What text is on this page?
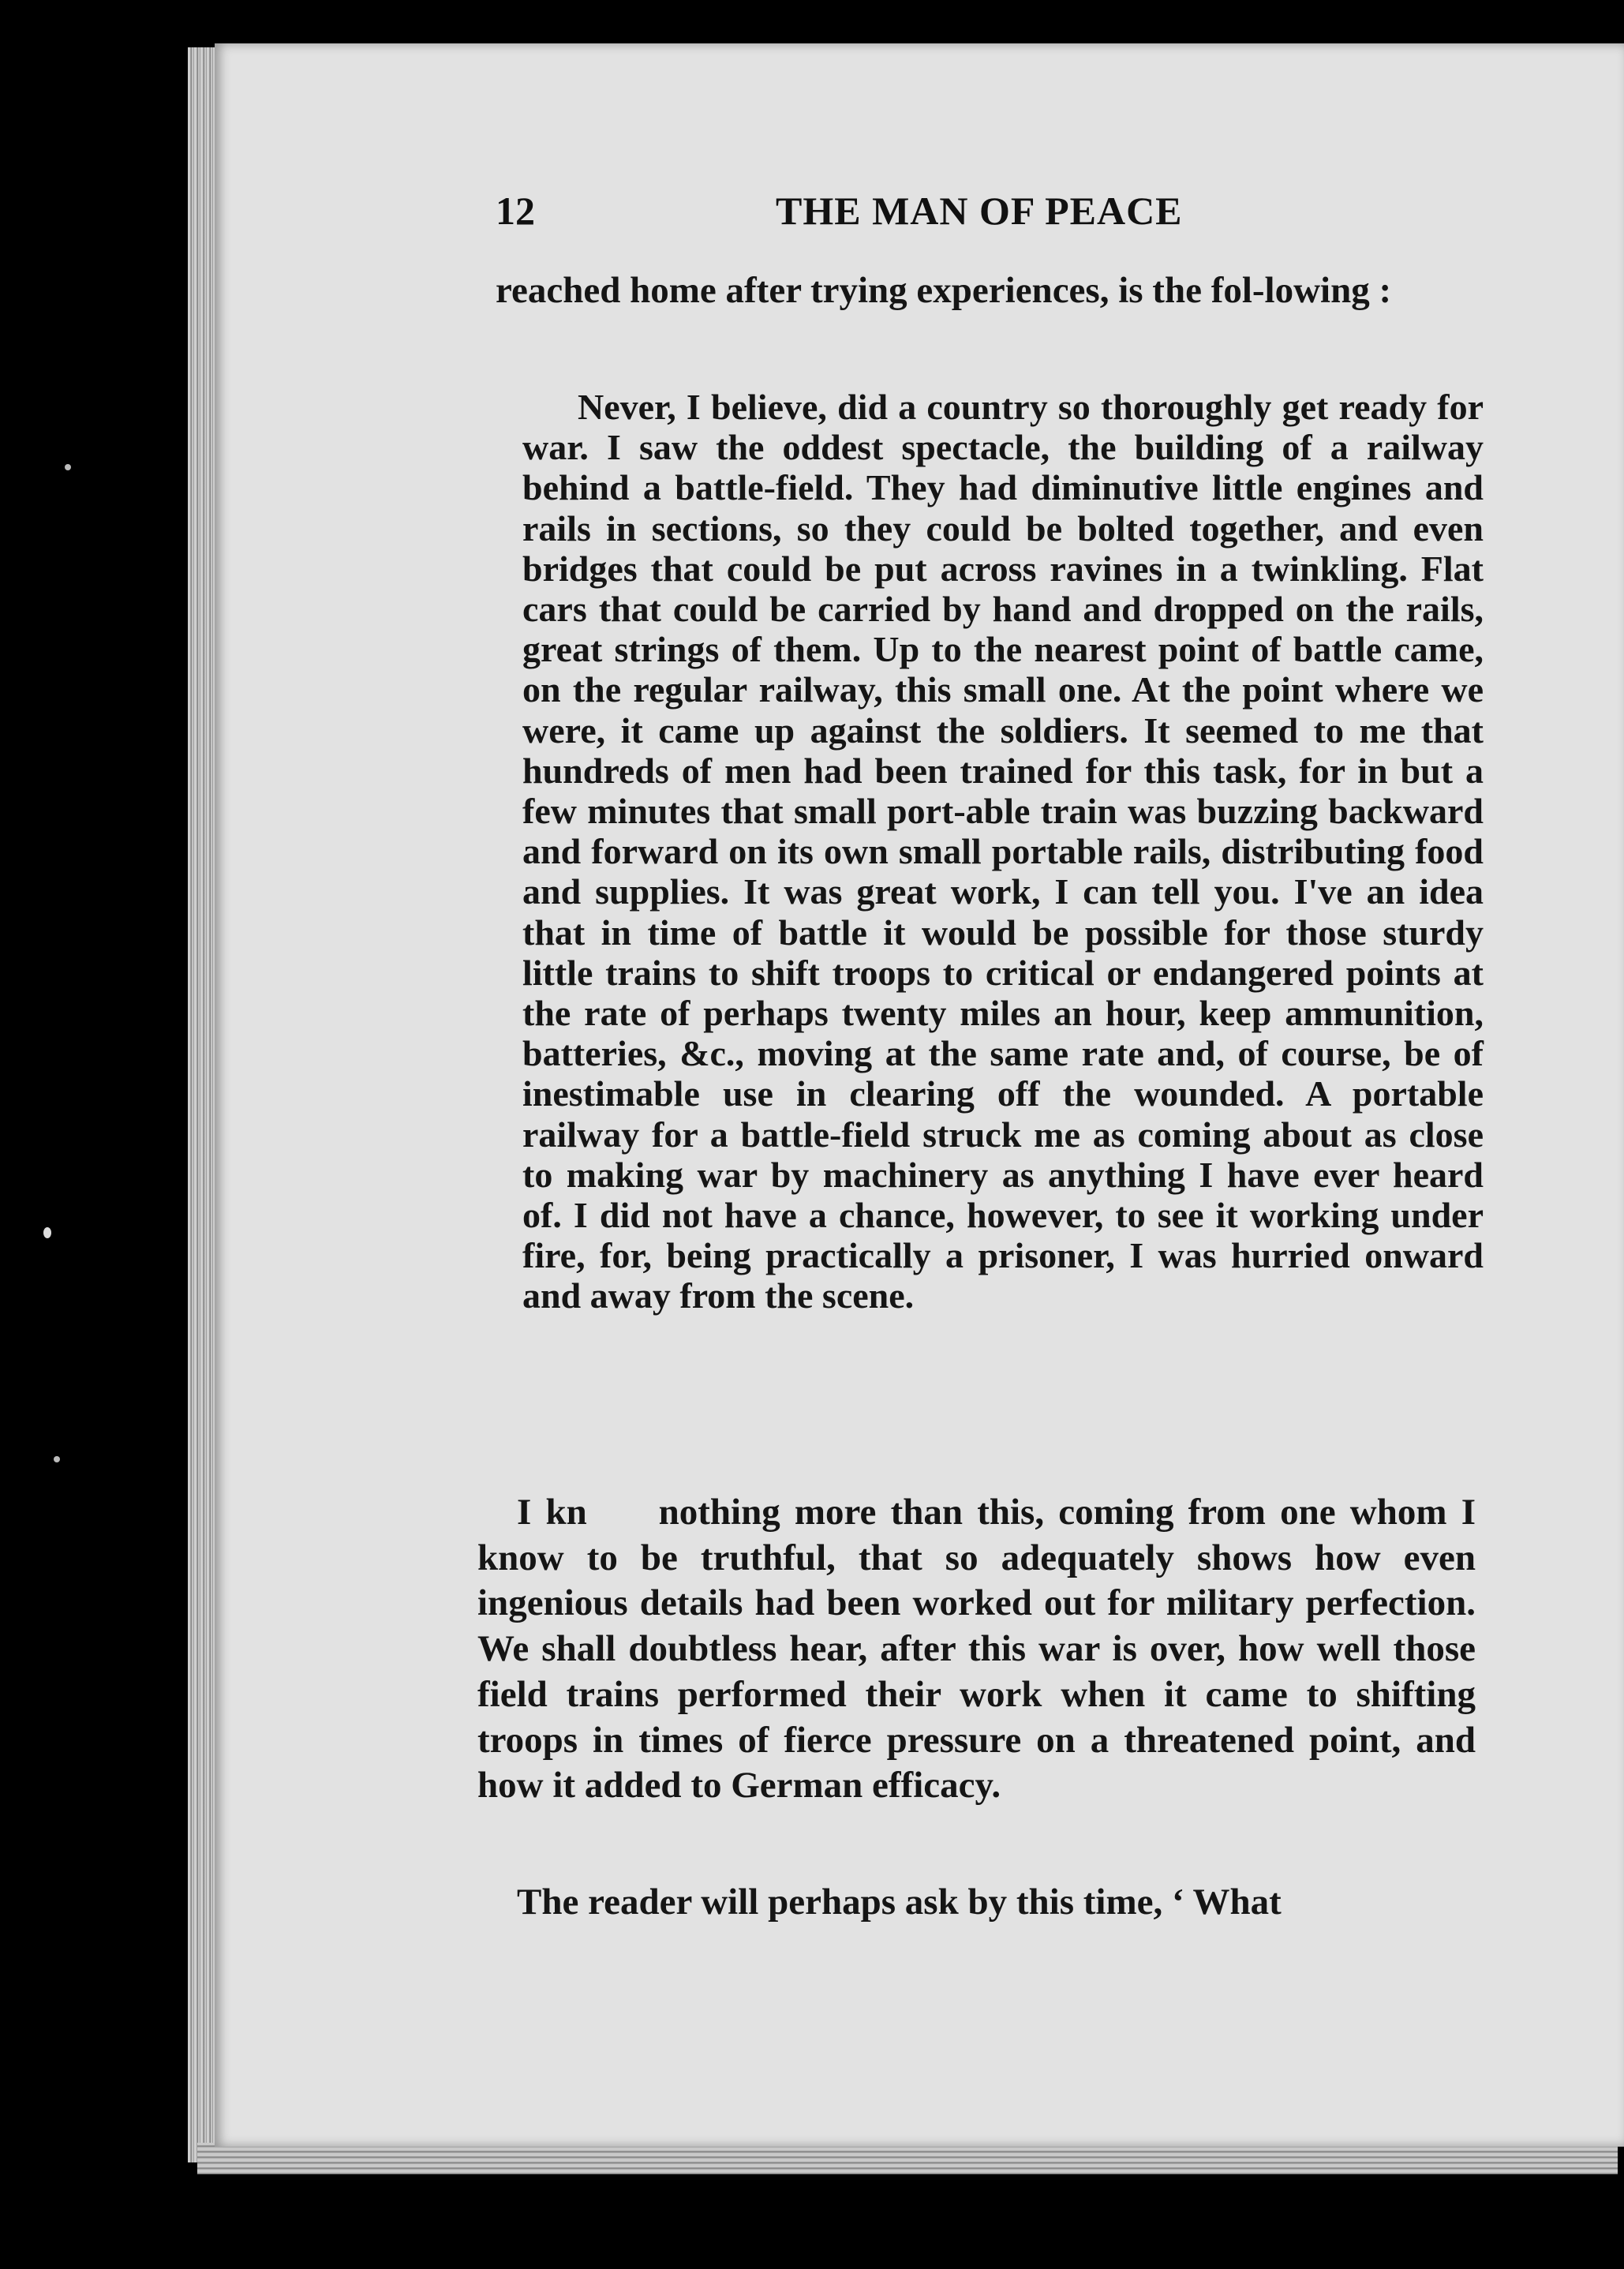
12	THE MAN OF PEACE
reached home after trying experiences, is the fol-lowing :
Never, I believe, did a country so thoroughly get ready for war. I saw the oddest spectacle, the building of a railway behind a battle-field. They had diminutive little engines and rails in sections, so they could be bolted together, and even bridges that could be put across ravines in a twinkling. Flat cars that could be carried by hand and dropped on the rails, great strings of them. Up to the nearest point of battle came, on the regular railway, this small one. At the point where we were, it came up against the soldiers. It seemed to me that hundreds of men had been trained for this task, for in but a few minutes that small port-able train was buzzing backward and forward on its own small portable rails, distributing food and supplies. It was great work, I can tell you. I've an idea that in time of battle it would be possible for those sturdy little trains to shift troops to critical or endangered points at the rate of perhaps twenty miles an hour, keep ammunition, batteries, &c., moving at the same rate and, of course, be of inestimable use in clearing off the wounded. A portable railway for a battle-field struck me as coming about as close to making war by machinery as anything I have ever heard of. I did not have a chance, however, to see it working under fire, for, being practically a prisoner, I was hurried onward and away from the scene.
I kn     nothing more than this, coming from one whom I know to be truthful, that so adequately shows how even ingenious details had been worked out for military perfection. We shall doubtless hear, after this war is over, how well those field trains performed their work when it came to shifting troops in times of fierce pressure on a threatened point, and how it added to German efficacy.
The reader will perhaps ask by this time, ‘ What
